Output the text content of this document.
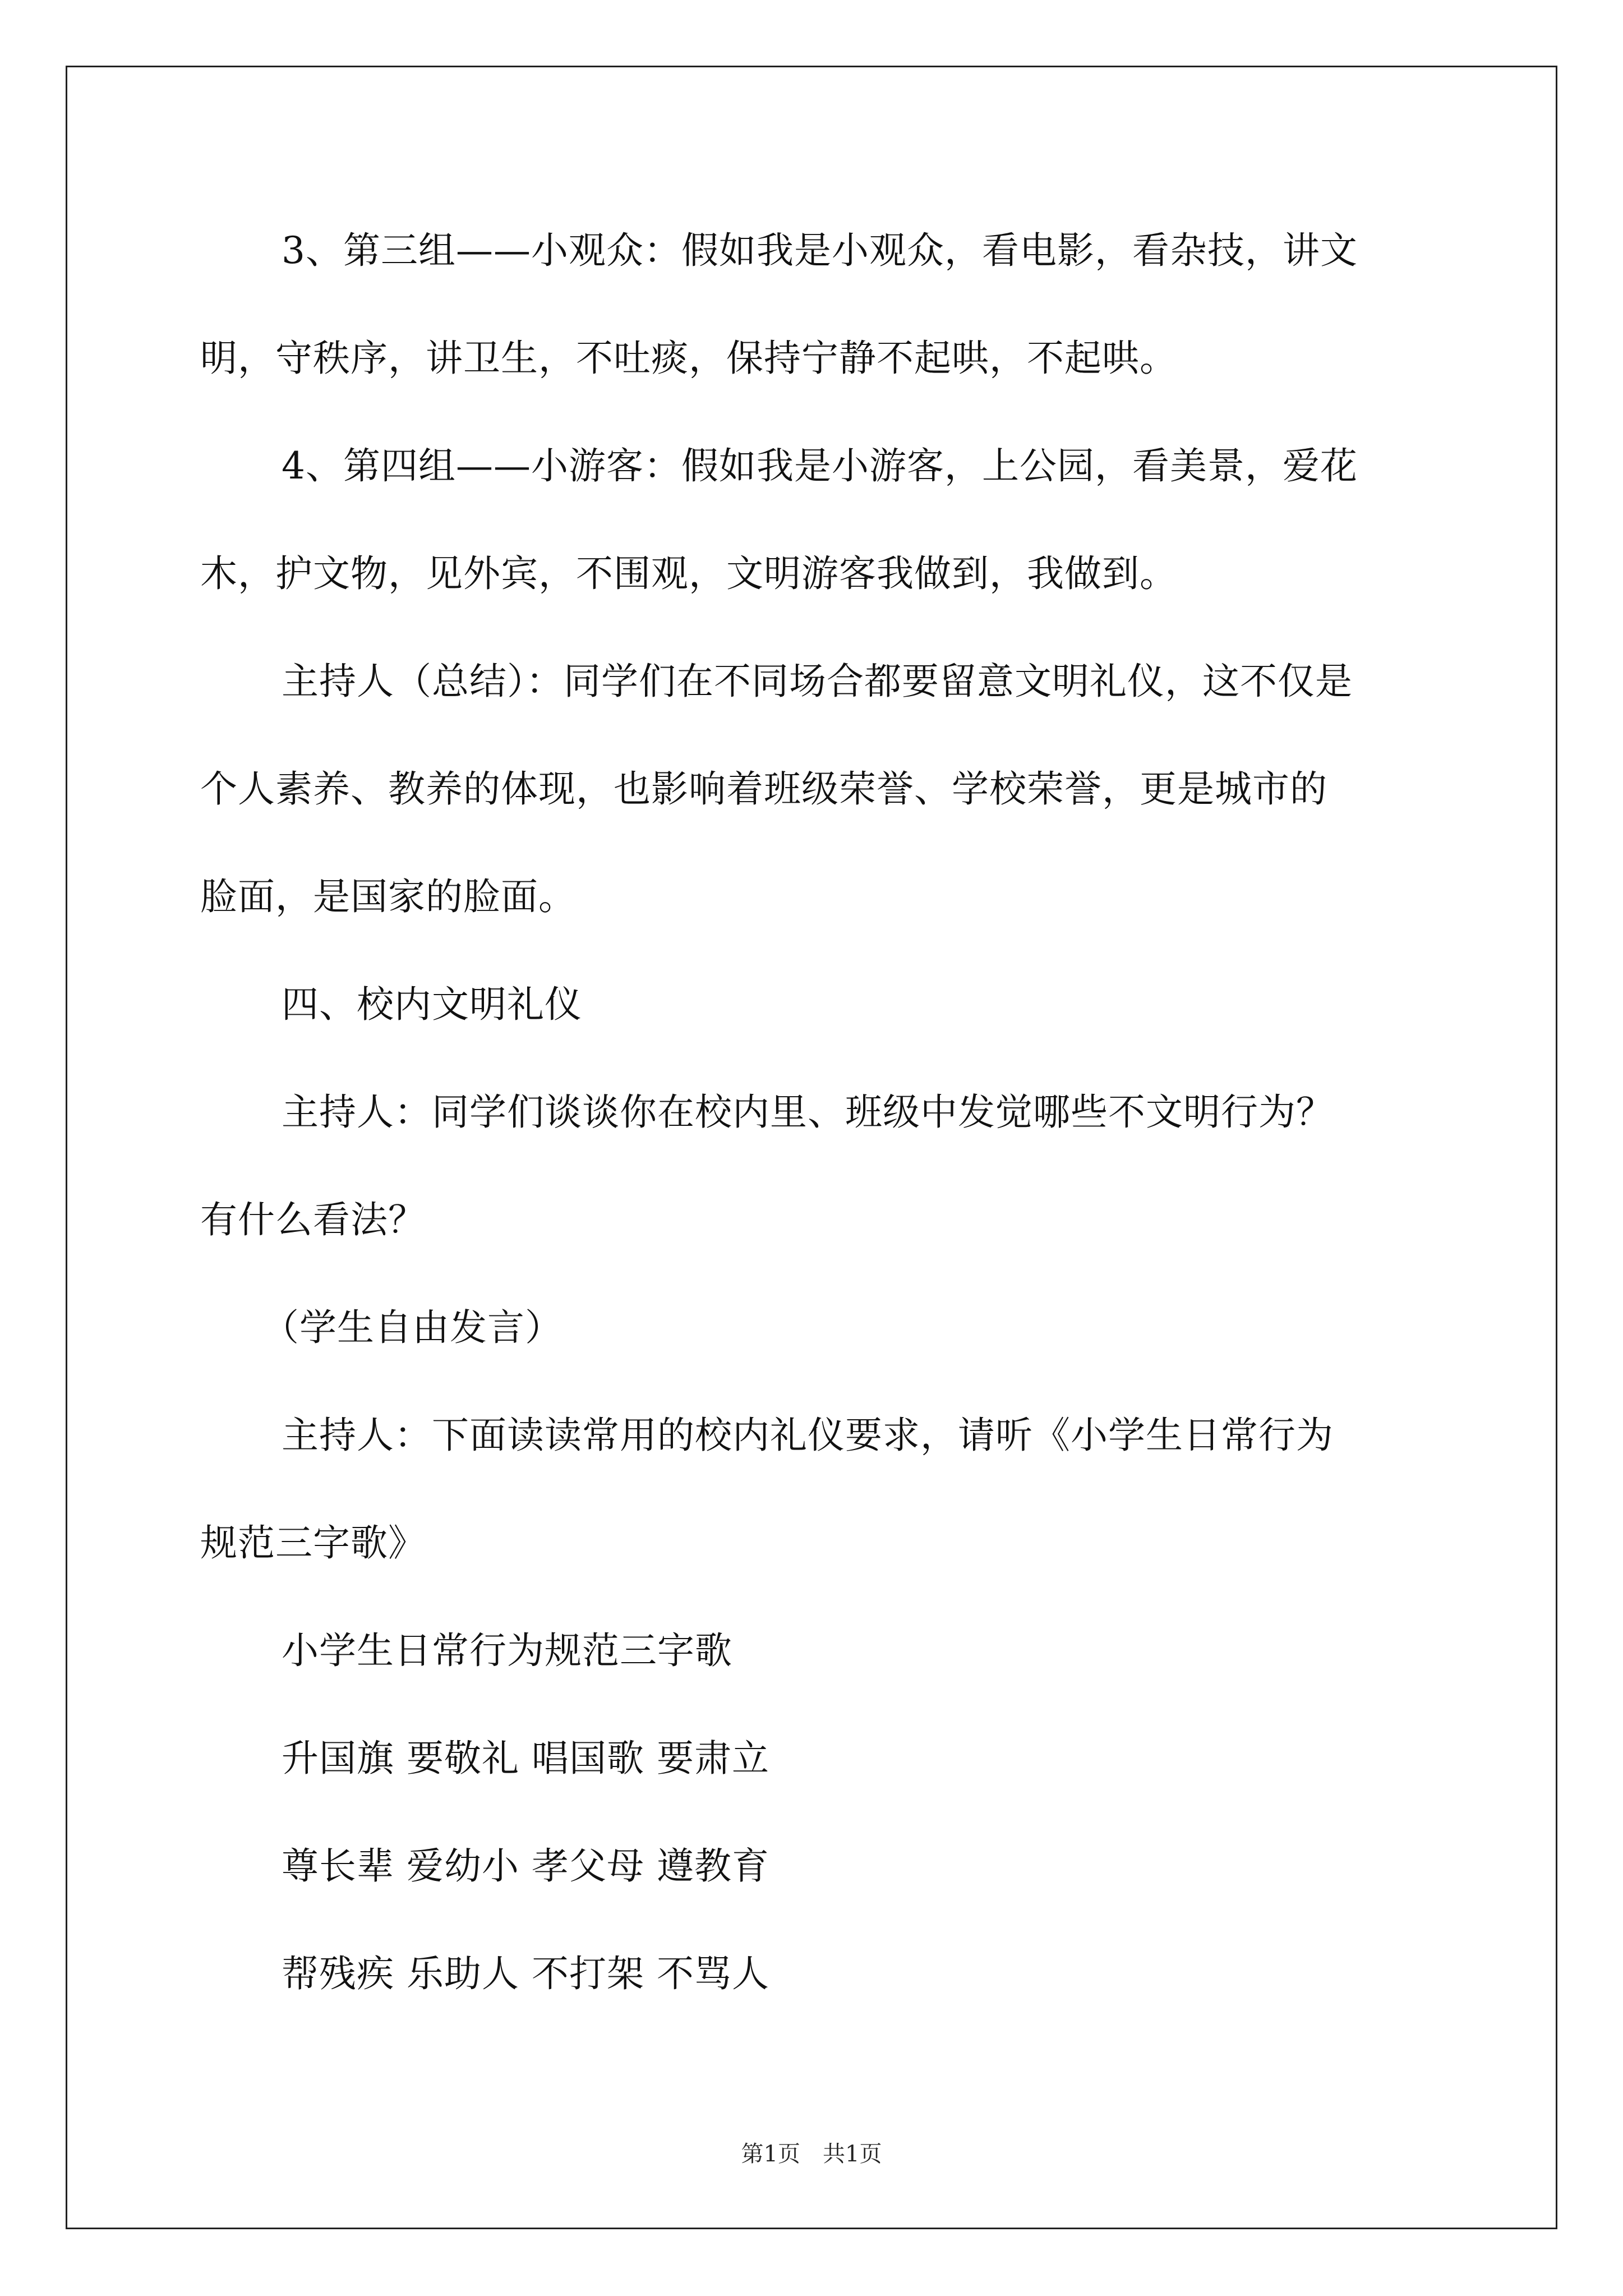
3、第三组——小观众：假如我是小观众，看电影，看杂技，讲文
明，守秩序，讲卫生，不吐痰，保持宁静不起哄，不起哄。
4、第四组——小游客：假如我是小游客，上公园，看美景，爱花
木，护文物，见外宾，不围观，文明游客我做到，我做到。
主持人（总结）：同学们在不同场合都要留意文明礼仪，这不仅是
个人素养、教养的体现，也影响着班级荣誉、学校荣誉，更是城市的
脸面，是国家的脸面。
四、校内文明礼仪
主持人：同学们谈谈你在校内里、班级中发觉哪些不文明行为？
有什么看法？
（学生自由发言）
主持人：下面读读常用的校内礼仪要求，请听《小学生日常行为
规范三字歌》
小学生日常行为规范三字歌
升国旗 要敬礼 唱国歌 要肃立
尊长辈 爱幼小 孝父母 遵教育
帮残疾 乐助人 不打架 不骂人
第1页　共1页
